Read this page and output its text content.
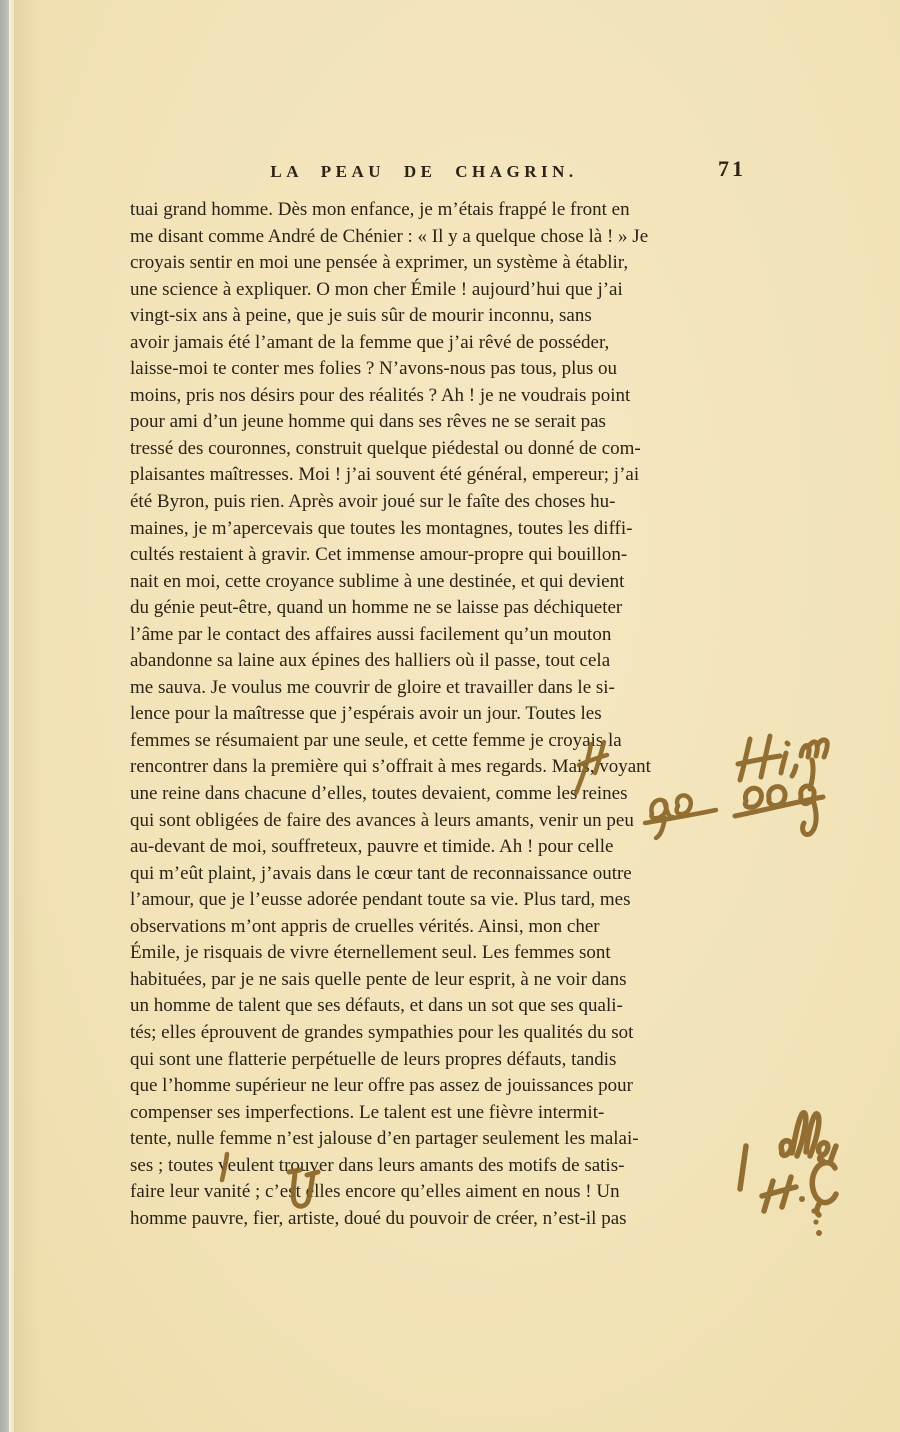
LA PEAU DE CHAGRIN.	71
tuai grand homme. Dès mon enfance, je m’étais frappé le front en
me disant comme André de Chénier : « Il y a quelque chose là ! » Je
croyais sentir en moi une pensée à exprimer, un système à établir,
une science à expliquer. O mon cher Émile ! aujourd’hui que j’ai
vingt-six ans à peine, que je suis sûr de mourir inconnu, sans
avoir jamais été l’amant de la femme que j’ai rêvé de posséder,
laisse-moi te conter mes folies ? N’avons-nous pas tous, plus ou
moins, pris nos désirs pour des réalités ? Ah ! je ne voudrais point
pour ami d’un jeune homme qui dans ses rêves ne se serait pas
tressé des couronnes, construit quelque piédestal ou donné de com-
plaisantes maîtresses. Moi ! j’ai souvent été général, empereur; j’ai
été Byron, puis rien. Après avoir joué sur le faîte des choses hu-
maines, je m’apercevais que toutes les montagnes, toutes les diffi-
cultés restaient à gravir. Cet immense amour-propre qui bouillon-
nait en moi, cette croyance sublime à une destinée, et qui devient
du génie peut-être, quand un homme ne se laisse pas déchiqueter
l’âme par le contact des affaires aussi facilement qu’un mouton
abandonne sa laine aux épines des halliers où il passe, tout cela
me sauva. Je voulus me couvrir de gloire et travailler dans le si-
lence pour la maîtresse que j’espérais avoir un jour. Toutes les
femmes se résumaient par une seule, et cette femme je croyais la
rencontrer dans la première qui s’offrait à mes regards. Mais, voyant
une reine dans chacune d’elles, toutes devaient, comme les reines
qui sont obligées de faire des avances à leurs amants, venir un peu
au-devant de moi, souffreteux, pauvre et timide. Ah ! pour celle
qui m’eût plaint, j’avais dans le cœur tant de reconnaissance outre
l’amour, que je l’eusse adorée pendant toute sa vie. Plus tard, mes
observations m’ont appris de cruelles vérités. Ainsi, mon cher
Émile, je risquais de vivre éternellement seul. Les femmes sont
habituées, par je ne sais quelle pente de leur esprit, à ne voir dans
un homme de talent que ses défauts, et dans un sot que ses quali-
tés; elles éprouvent de grandes sympathies pour les qualités du sot
qui sont une flatterie perpétuelle de leurs propres défauts, tandis
que l’homme supérieur ne leur offre pas assez de jouissances pour
compenser ses imperfections. Le talent est une fièvre intermit-
tente, nulle femme n’est jalouse d’en partager seulement les malai-
ses ; toutes veulent trouver dans leurs amants des motifs de satis-
faire leur vanité ; c’est elles encore qu’elles aiment en nous ! Un
homme pauvre, fier, artiste, doué du pouvoir de créer, n’est-il pas
